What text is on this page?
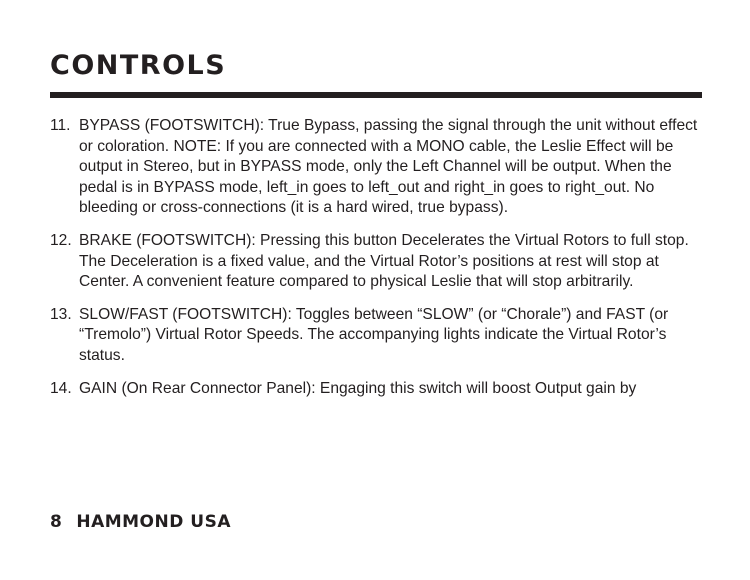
CONTROLS
11. BYPASS (FOOTSWITCH): True Bypass, passing the signal through the unit without effect or coloration. NOTE: If you are connected with a MONO cable, the Leslie Effect will be output in Stereo, but in BYPASS mode, only the Left Channel will be output. When the pedal is in BYPASS mode, left_in goes to left_out and right_in goes to right_out. No bleeding or cross-connections (it is a hard wired, true bypass).
12. BRAKE (FOOTSWITCH): Pressing this button Decelerates the Virtual Rotors to full stop. The Deceleration is a fixed value, and the Virtual Rotor’s positions at rest will stop at Center. A convenient feature compared to physical Leslie that will stop arbitrarily.
13. SLOW/FAST (FOOTSWITCH): Toggles between “SLOW” (or “Chorale”) and FAST (or “Tremolo”) Virtual Rotor Speeds. The accompanying lights indicate the Virtual Rotor’s status.
14. GAIN (On Rear Connector Panel): Engaging this switch will boost Output gain by
8 HAMMOND USA
